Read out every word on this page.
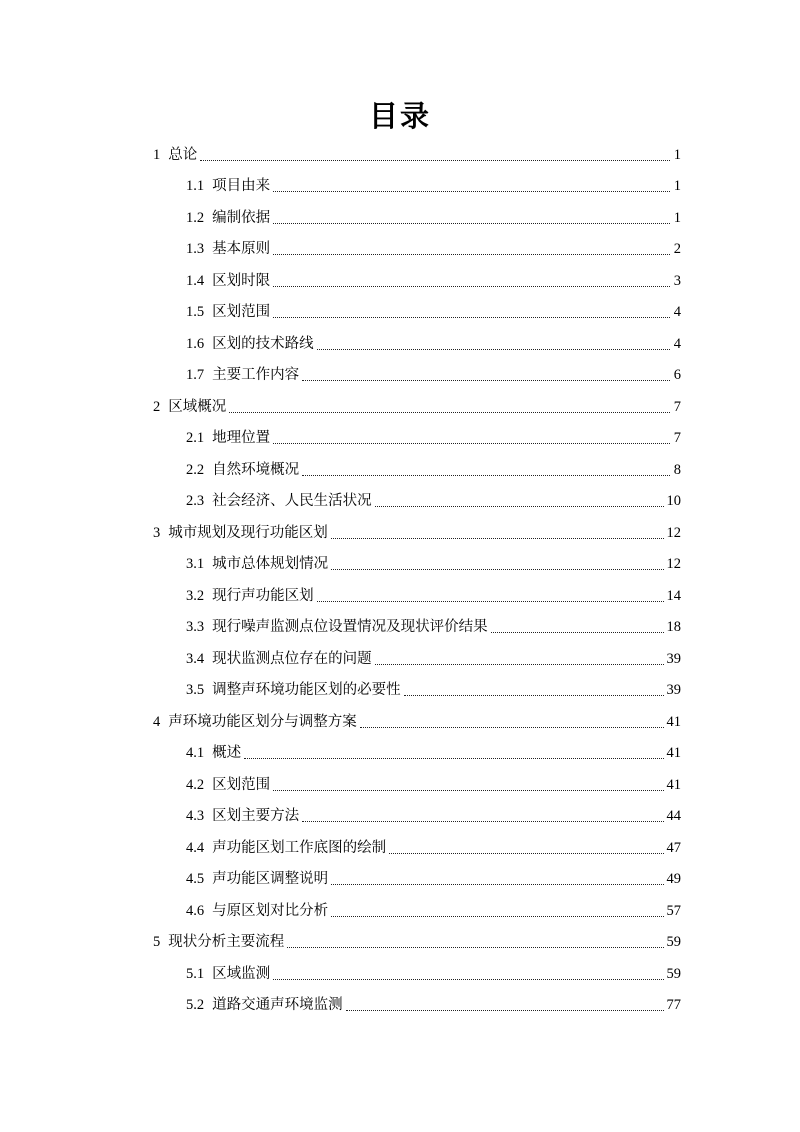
目录
1 总论	1
1.1 项目由来	1
1.2 编制依据	1
1.3 基本原则	2
1.4 区划时限	3
1.5 区划范围	4
1.6 区划的技术路线	4
1.7 主要工作内容	6
2 区域概况	7
2.1 地理位置	7
2.2 自然环境概况	8
2.3 社会经济、人民生活状况	10
3 城市规划及现行功能区划	12
3.1 城市总体规划情况	12
3.2 现行声功能区划	14
3.3 现行噪声监测点位设置情况及现状评价结果	18
3.4 现状监测点位存在的问题	39
3.5 调整声环境功能区划的必要性	39
4 声环境功能区划分与调整方案	41
4.1 概述	41
4.2 区划范围	41
4.3 区划主要方法	44
4.4 声功能区划工作底图的绘制	47
4.5 声功能区调整说明	49
4.6 与原区划对比分析	57
5 现状分析主要流程	59
5.1 区域监测	59
5.2 道路交通声环境监测	77
